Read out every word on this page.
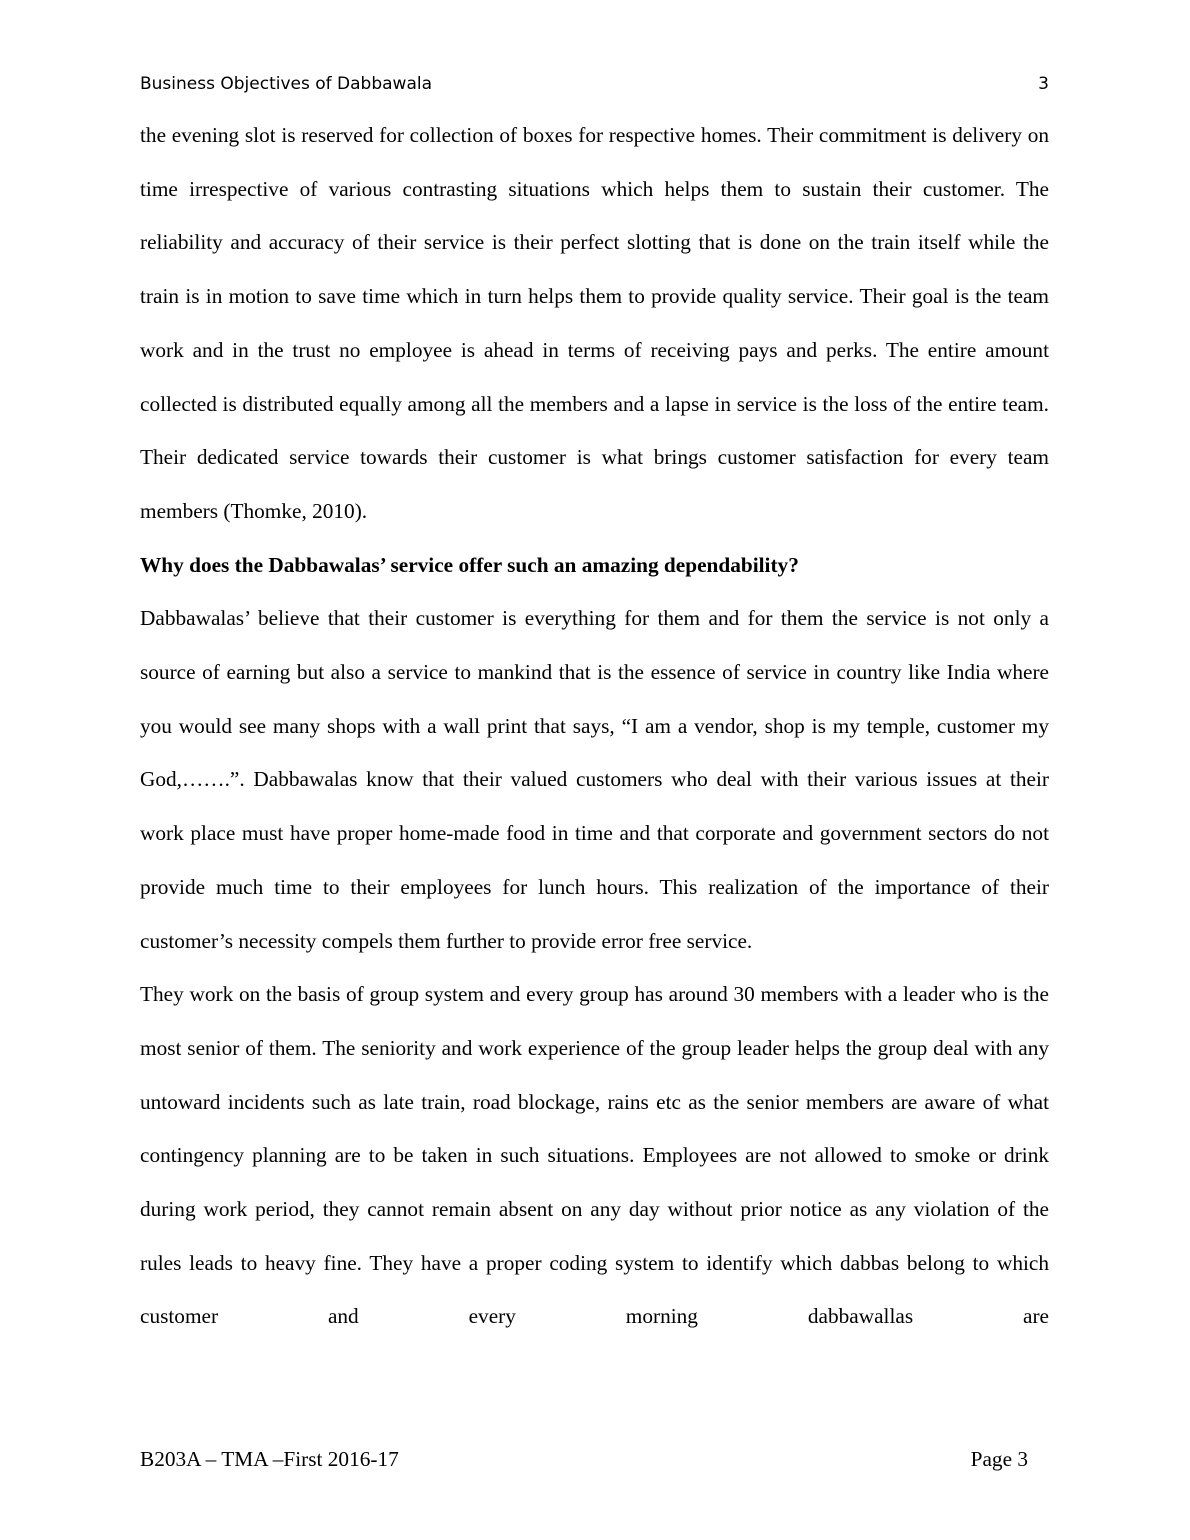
Business Objectives of Dabbawala	3

the evening slot is reserved for collection of boxes for respective homes. Their commitment is delivery on time irrespective of various contrasting situations which helps them to sustain their customer. The reliability and accuracy of their service is their perfect slotting that is done on the train itself while the train is in motion to save time which in turn helps them to provide quality service. Their goal is the team work and in the trust no employee is ahead in terms of receiving pays and perks. The entire amount collected is distributed equally among all the members and a lapse in service is the loss of the entire team. Their dedicated service towards their customer is what brings customer satisfaction for every team members (Thomke, 2010).

Why does the Dabbawalas’ service offer such an amazing dependability?

Dabbawalas’ believe that their customer is everything for them and for them the service is not only a source of earning but also a service to mankind that is the essence of service in country like India where you would see many shops with a wall print that says, “I am a vendor, shop is my temple, customer my God,…….”. Dabbawalas know that their valued customers who deal with their various issues at their work place must have proper home-made food in time and that corporate and government sectors do not provide much time to their employees for lunch hours. This realization of the importance of their customer’s necessity compels them further to provide error free service.

They work on the basis of group system and every group has around 30 members with a leader who is the most senior of them. The seniority and work experience of the group leader helps the group deal with any untoward incidents such as late train, road blockage, rains etc as the senior members are aware of what contingency planning are to be taken in such situations. Employees are not allowed to smoke or drink during work period, they cannot remain absent on any day without prior notice as any violation of the rules leads to heavy fine. They have a proper coding system to identify which dabbas belong to which customer and every morning dabbawallas are

B203A – TMA –First 2016-17	Page 3
